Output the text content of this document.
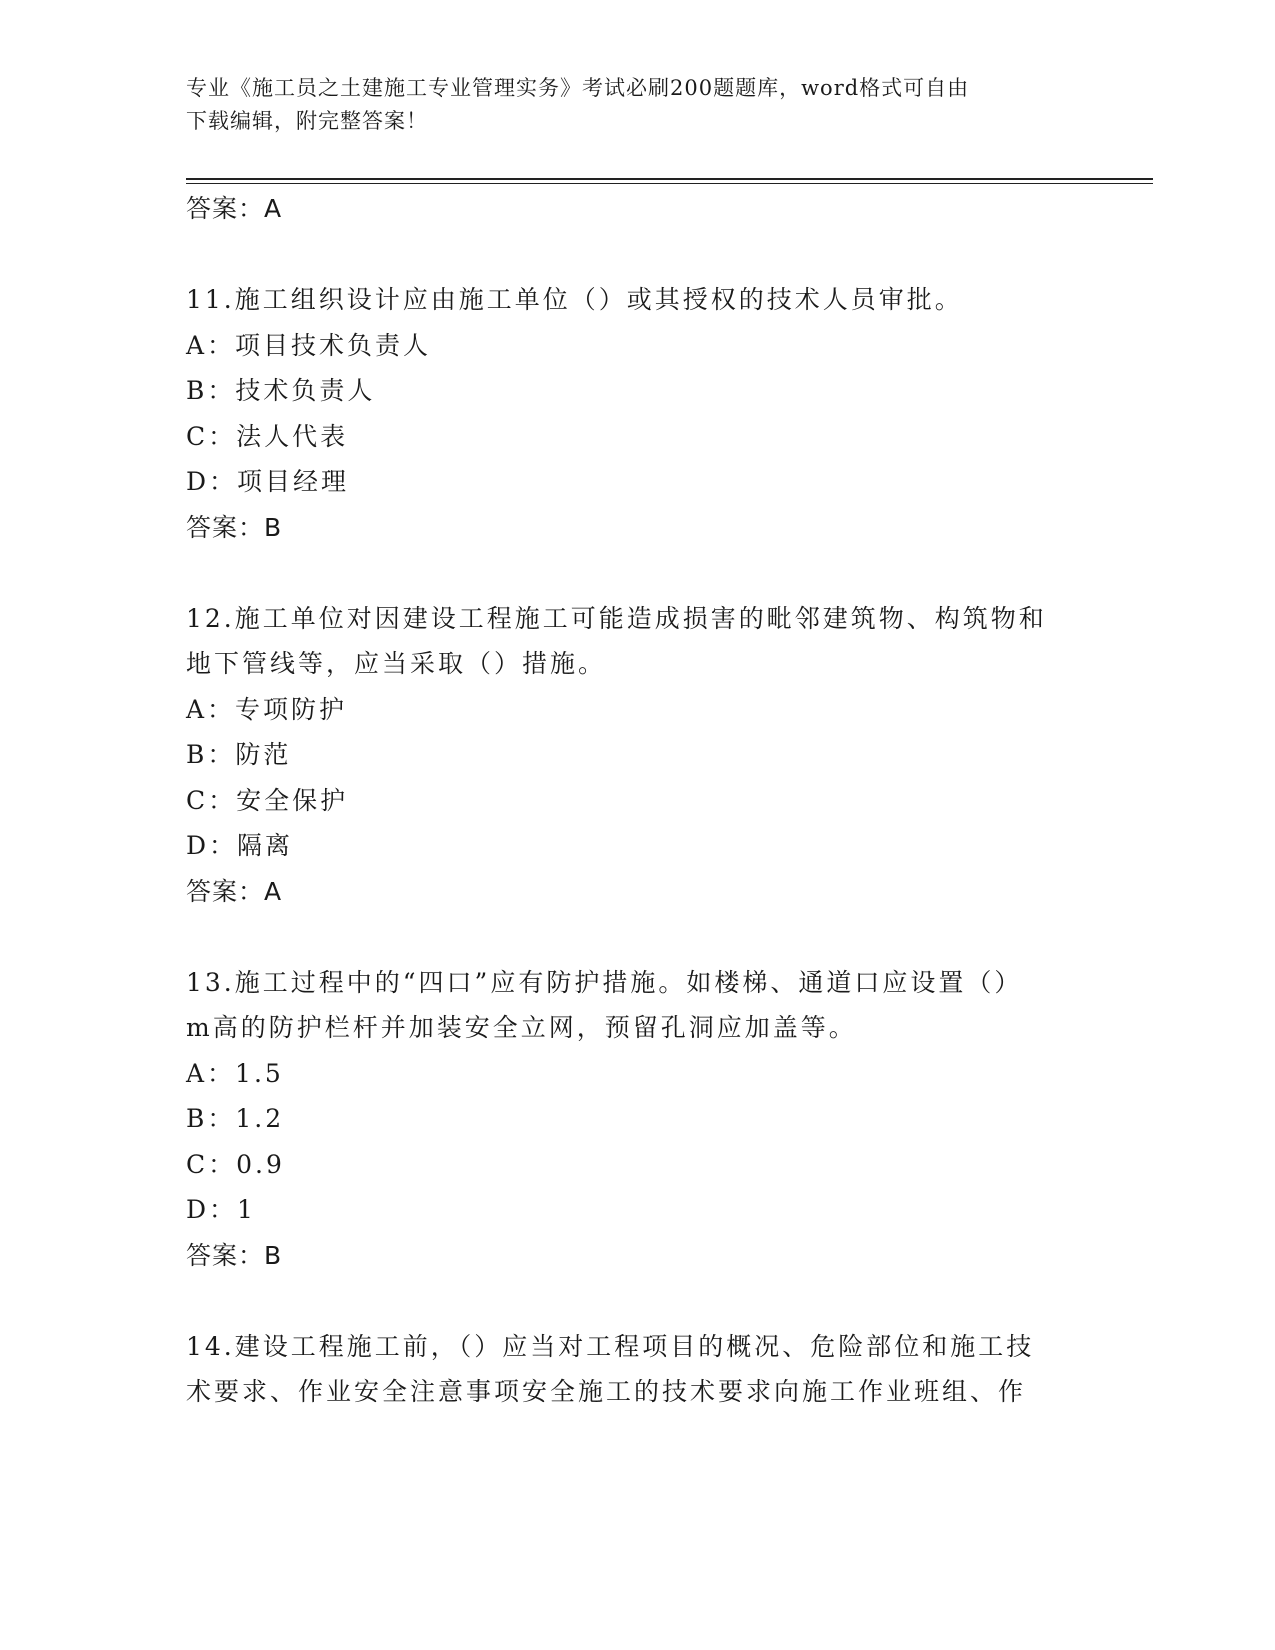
专业《施工员之土建施工专业管理实务》考试必刷200题题库，word格式可自由
下载编辑，附完整答案！
答案：A
11.施工组织设计应由施工单位（）或其授权的技术人员审批。
A：项目技术负责人
B：技术负责人
C：法人代表
D：项目经理
答案：B
12.施工单位对因建设工程施工可能造成损害的毗邻建筑物、构筑物和
地下管线等，应当采取（）措施。
A：专项防护
B：防范
C：安全保护
D：隔离
答案：A
13.施工过程中的“四口”应有防护措施。如楼梯、通道口应设置（）
m高的防护栏杆并加装安全立网，预留孔洞应加盖等。
A：1.5
B：1.2
C：0.9
D：1
答案：B
14.建设工程施工前，（）应当对工程项目的概况、危险部位和施工技
术要求、作业安全注意事项安全施工的技术要求向施工作业班组、作
